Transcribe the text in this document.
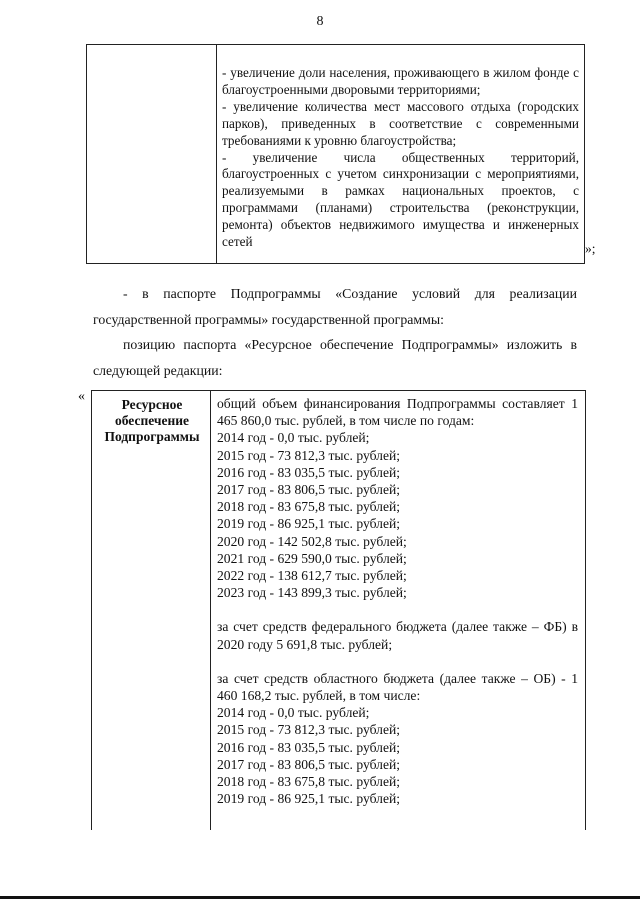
8

- увеличение доли населения, проживающего в жилом фонде с благоустроенными дворовыми территориями;

- увеличение количества мест массового отдыха (городских парков), приведенных в соответствие с современными требованиями к уровню благоустройства;

- увеличение числа общественных территорий, благоустроенных с учетом синхронизации с мероприятиями, реализуемыми в рамках национальных проектов, с программами (планами) строительства (реконструкции, ремонта) объектов недвижимого имущества и инженерных сетей	»;

- в паспорте Подпрограммы «Создание условий для реализации государственной программы» государственной программы:

позицию паспорта «Ресурсное обеспечение Подпрограммы» изложить в следующей редакции:

«
Ресурсное обеспечение Подпрограммы
общий объем финансирования Подпрограммы составляет 1 465 860,0 тыс. рублей, в том числе по годам:
2014 год - 0,0 тыс. рублей;
2015 год - 73 812,3 тыс. рублей;
2016 год - 83 035,5 тыс. рублей;
2017 год - 83 806,5 тыс. рублей;
2018 год - 83 675,8 тыс. рублей;
2019 год - 86 925,1 тыс. рублей;
2020 год - 142 502,8 тыс. рублей;
2021 год - 629 590,0 тыс. рублей;
2022 год - 138 612,7 тыс. рублей;
2023 год - 143 899,3 тыс. рублей;
за счет средств федерального бюджета (далее также – ФБ) в 2020 году 5 691,8 тыс. рублей;
за счет средств областного бюджета (далее также – ОБ) - 1 460 168,2 тыс. рублей, в том числе:
2014 год - 0,0 тыс. рублей;
2015 год - 73 812,3 тыс. рублей;
2016 год - 83 035,5 тыс. рублей;
2017 год - 83 806,5 тыс. рублей;
2018 год - 83 675,8 тыс. рублей;
2019 год - 86 925,1 тыс. рублей;
